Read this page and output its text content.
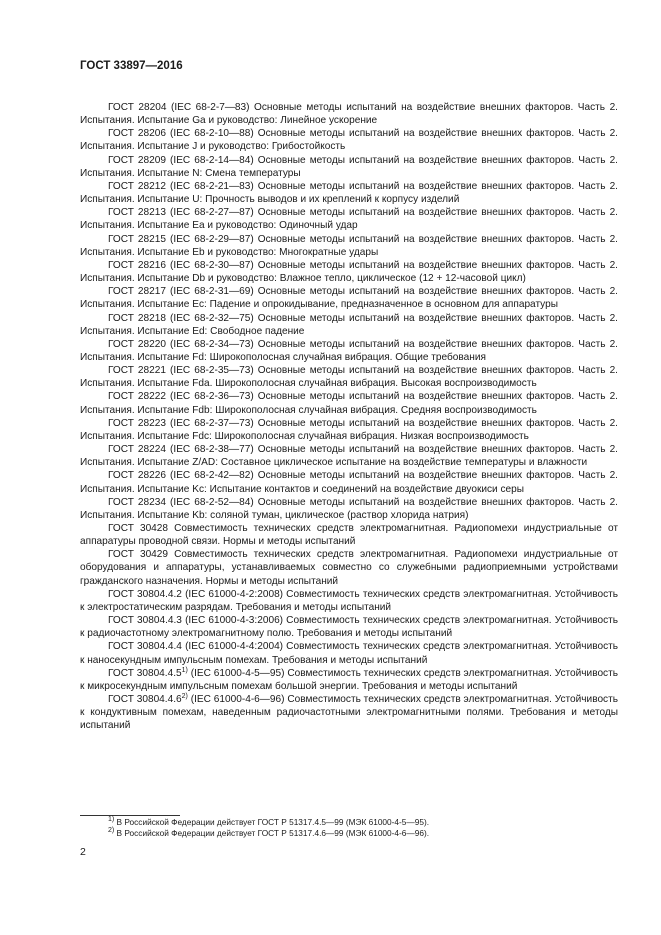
ГОСТ 33897—2016

ГОСТ 28204 (IEC 68-2-7—83) Основные методы испытаний на воздействие внешних факторов. Часть 2. Испытания. Испытание Ga и руководство: Линейное ускорение

ГОСТ 28206 (IEC 68-2-10—88) Основные методы испытаний на воздействие внешних факторов. Часть 2. Испытания. Испытание J и руководство: Грибостойкость

ГОСТ 28209 (IEC 68-2-14—84) Основные методы испытаний на воздействие внешних факторов. Часть 2. Испытания. Испытание N: Смена температуры

ГОСТ 28212 (IEC 68-2-21—83) Основные методы испытаний на воздействие внешних факторов. Часть 2. Испытания. Испытание U: Прочность выводов и их креплений к корпусу изделий

ГОСТ 28213 (IEC 68-2-27—87) Основные методы испытаний на воздействие внешних факторов. Часть 2. Испытания. Испытание Ea и руководство: Одиночный удар

ГОСТ 28215 (IEC 68-2-29—87) Основные методы испытаний на воздействие внешних факторов. Часть 2. Испытания. Испытание Eb и руководство: Многократные удары

ГОСТ 28216 (IEC 68-2-30—87) Основные методы испытаний на воздействие внешних факторов. Часть 2. Испытания. Испытание Db и руководство: Влажное тепло, циклическое (12 + 12-часовой цикл)

ГОСТ 28217 (IEC 68-2-31—69) Основные методы испытаний на воздействие внешних факторов. Часть 2. Испытания. Испытание Ec: Падение и опрокидывание, предназначенное в основном для аппаратуры

ГОСТ 28218 (IEC 68-2-32—75) Основные методы испытаний на воздействие внешних факторов. Часть 2. Испытания. Испытание Ed: Свободное падение

ГОСТ 28220 (IEC 68-2-34—73) Основные методы испытаний на воздействие внешних факторов. Часть 2. Испытания. Испытание Fd: Широкополосная случайная вибрация. Общие требования

ГОСТ 28221 (IEC 68-2-35—73) Основные методы испытаний на воздействие внешних факторов. Часть 2. Испытания. Испытание Fda. Широкополосная случайная вибрация. Высокая воспроизводимость

ГОСТ 28222 (IEC 68-2-36—73) Основные методы испытаний на воздействие внешних факторов. Часть 2. Испытания. Испытание Fdb: Широкополосная случайная вибрация. Средняя воспроизводимость

ГОСТ 28223 (IEC 68-2-37—73) Основные методы испытаний на воздействие внешних факторов. Часть 2. Испытания. Испытание Fdc: Широкополосная случайная вибрация. Низкая воспроизводимость

ГОСТ 28224 (IEC 68-2-38—77) Основные методы испытаний на воздействие внешних факторов. Часть 2. Испытания. Испытание Z/AD: Составное циклическое испытание на воздействие температуры и влажности

ГОСТ 28226 (IEC 68-2-42—82) Основные методы испытаний на воздействие внешних факторов. Часть 2. Испытания. Испытание Kc: Испытание контактов и соединений на воздействие двуокиси серы

ГОСТ 28234 (IEC 68-2-52—84) Основные методы испытаний на воздействие внешних факторов. Часть 2. Испытания. Испытание Kb: соляной туман, циклическое (раствор хлорида натрия)

ГОСТ 30428 Совместимость технических средств электромагнитная. Радиопомехи индустриальные от аппаратуры проводной связи. Нормы и методы испытаний

ГОСТ 30429 Совместимость технических средств электромагнитная. Радиопомехи индустриальные от оборудования и аппаратуры, устанавливаемых совместно со служебными радиоприемными устройствами гражданского назначения. Нормы и методы испытаний

ГОСТ 30804.4.2 (IEC 61000-4-2:2008) Совместимость технических средств электромагнитная. Устойчивость к электростатическим разрядам. Требования и методы испытаний

ГОСТ 30804.4.3 (IEC 61000-4-3:2006) Совместимость технических средств электромагнитная. Устойчивость к радиочастотному электромагнитному полю. Требования и методы испытаний

ГОСТ 30804.4.4 (IEC 61000-4-4:2004) Совместимость технических средств электромагнитная. Устойчивость к наносекундным импульсным помехам. Требования и методы испытаний

ГОСТ 30804.4.5$^{1)}$ (IEC 61000-4-5—95) Совместимость технических средств электромагнитная. Устойчивость к микросекундным импульсным помехам большой энергии. Требования и методы испытаний

ГОСТ 30804.4.6$^{2)}$ (IEC 61000-4-6—96) Совместимость технических средств электромагнитная. Устойчивость к кондуктивным помехам, наведенным радиочастотными электромагнитными полями. Требования и методы испытаний

$^{1)}$ В Российской Федерации действует ГОСТ Р 51317.4.5—99 (МЭК 61000-4-5—95).
$^{2)}$ В Российской Федерации действует ГОСТ Р 51317.4.6—99 (МЭК 61000-4-6—96).
2
